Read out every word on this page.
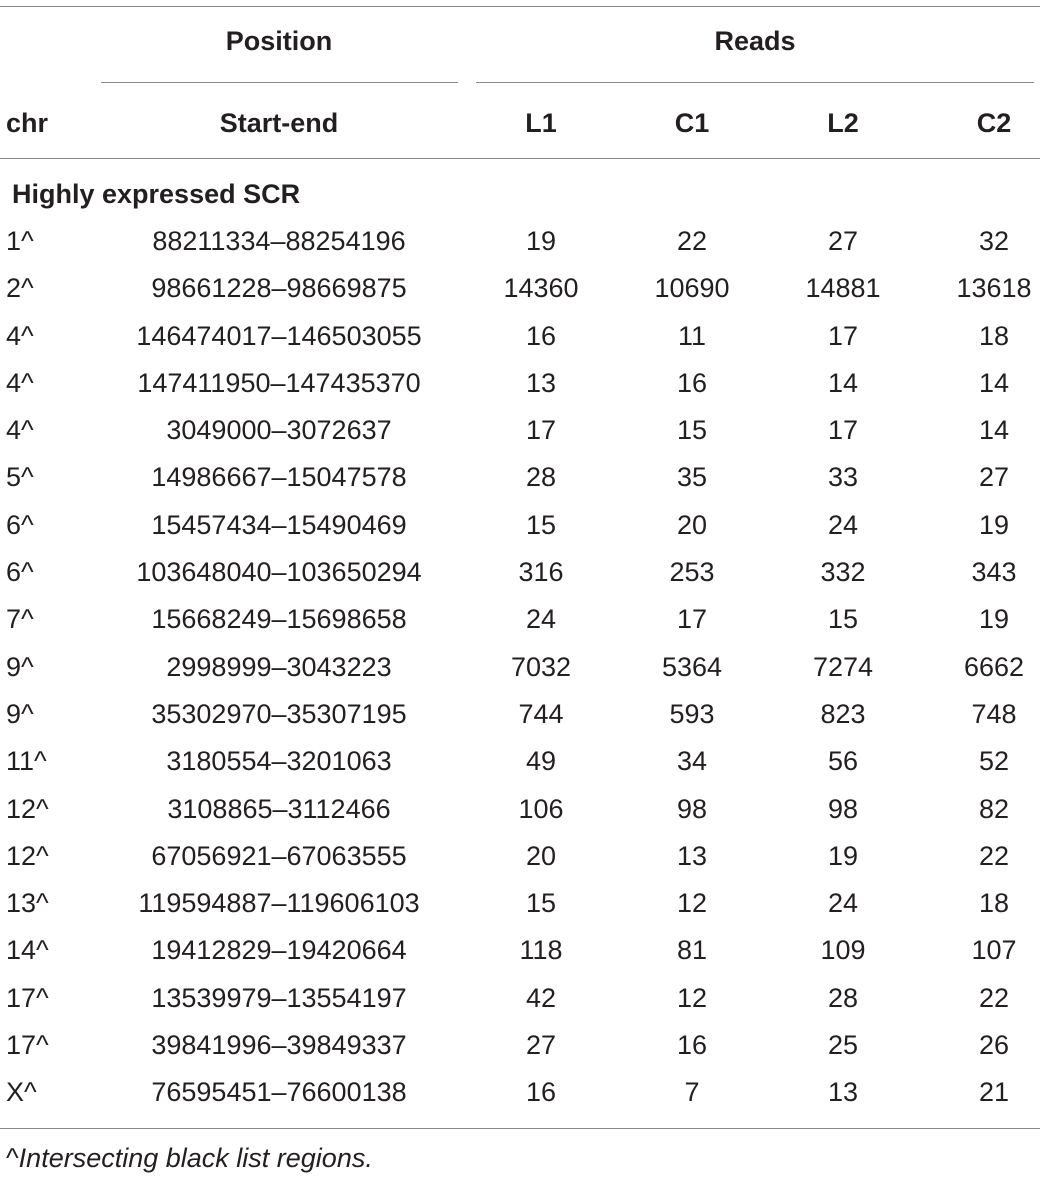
Position	Reads
chr	Start-end	L1	C1	L2	C2
Highly expressed SCR
1^	88211334–88254196	19	22	27	32
2^	98661228–98669875	14360	10690	14881	13618
4^	146474017–146503055	16	11	17	18
4^	147411950–147435370	13	16	14	14
4^	3049000–3072637	17	15	17	14
5^	14986667–15047578	28	35	33	27
6^	15457434–15490469	15	20	24	19
6^	103648040–103650294	316	253	332	343
7^	15668249–15698658	24	17	15	19
9^	2998999–3043223	7032	5364	7274	6662
9^	35302970–35307195	744	593	823	748
11^	3180554–3201063	49	34	56	52
12^	3108865–3112466	106	98	98	82
12^	67056921–67063555	20	13	19	22
13^	119594887–119606103	15	12	24	18
14^	19412829–19420664	118	81	109	107
17^	13539979–13554197	42	12	28	22
17^	39841996–39849337	27	16	25	26
X^	76595451–76600138	16	7	13	21
^Intersecting black list regions.
